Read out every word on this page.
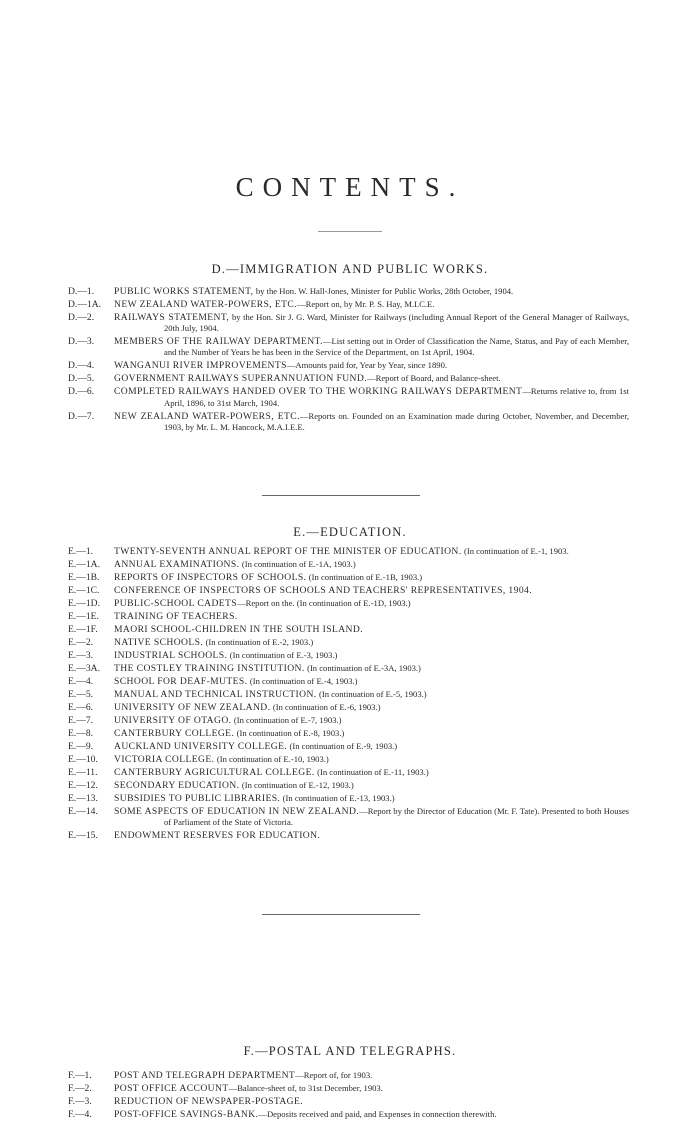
CONTENTS.
D.—IMMIGRATION AND PUBLIC WORKS.
D.—1.	PUBLIC WORKS STATEMENT, by the Hon. W. Hall-Jones, Minister for Public Works, 28th October, 1904.
D.—1A.	NEW ZEALAND WATER-POWERS, ETC.—Report on, by Mr. P. S. Hay, M.I.C.E.
D.—2.	RAILWAYS STATEMENT, by the Hon. Sir J. G. Ward, Minister for Railways (including Annual Report of the General Manager of Railways, 20th July, 1904.
D.—3.	MEMBERS OF THE RAILWAY DEPARTMENT.—List setting out in Order of Classification the Name, Status, and Pay of each Member, and the Number of Years he has been in the Service of the Department, on 1st April, 1904.
D.—4.	WANGANUI RIVER IMPROVEMENTS—Amounts paid for, Year by Year, since 1890.
D.—5.	GOVERNMENT RAILWAYS SUPERANNUATION FUND.—Report of Board, and Balance-sheet.
D.—6.	COMPLETED RAILWAYS HANDED OVER TO THE WORKING RAILWAYS DEPARTMENT—Returns relative to, from 1st April, 1896, to 31st March, 1904.
D.—7.	NEW ZEALAND WATER-POWERS, ETC.—Reports on. Founded on an Examination made during October, November, and December, 1903, by Mr. L. M. Hancock, M.A.I.E.E.
E.—EDUCATION.
E.—1.	TWENTY-SEVENTH ANNUAL REPORT OF THE MINISTER OF EDUCATION. (In continuation of E.-1, 1903.
E.—1A.	ANNUAL EXAMINATIONS. (In continuation of E.-1A, 1903.)
E.—1B.	REPORTS OF INSPECTORS OF SCHOOLS. (In continuation of E.-1B, 1903.)
E.—1C.	CONFERENCE OF INSPECTORS OF SCHOOLS AND TEACHERS' REPRESENTATIVES, 1904.
E.—1D.	PUBLIC-SCHOOL CADETS—Report on the. (In continuation of E.-1D, 1903.)
E.—1E.	TRAINING OF TEACHERS.
E.—1F.	MAORI SCHOOL-CHILDREN IN THE SOUTH ISLAND.
E.—2.	NATIVE SCHOOLS. (In continuation of E.-2, 1903.)
E.—3.	INDUSTRIAL SCHOOLS. (In continuation of E.-3, 1903.)
E.—3A.	THE COSTLEY TRAINING INSTITUTION. (In continuation of E.-3A, 1903.)
E.—4.	SCHOOL FOR DEAF-MUTES. (In continuation of E.-4, 1903.)
E.—5.	MANUAL AND TECHNICAL INSTRUCTION. (In continuation of E.-5, 1903.)
E.—6.	UNIVERSITY OF NEW ZEALAND. (In continuation of E.-6, 1903.)
E.—7.	UNIVERSITY OF OTAGO. (In continuation of E.-7, 1903.)
E.—8.	CANTERBURY COLLEGE. (In continuation of E.-8, 1903.)
E.—9.	AUCKLAND UNIVERSITY COLLEGE. (In continuation of E.-9, 1903.)
E.—10.	VICTORIA COLLEGE. (In continuation of E.-10, 1903.)
E.—11.	CANTERBURY AGRICULTURAL COLLEGE. (In continuation of E.-11, 1903.)
E.—12.	SECONDARY EDUCATION. (In continuation of E.-12, 1903.)
E.—13.	SUBSIDIES TO PUBLIC LIBRARIES. (In continuation of E.-13, 1903.)
E.—14.	SOME ASPECTS OF EDUCATION IN NEW ZEALAND.—Report by the Director of Education (Mr. F. Tate). Presented to both Houses of Parliament of the State of Victoria.
E.—15.	ENDOWMENT RESERVES FOR EDUCATION.
F.—POSTAL AND TELEGRAPHS.
F.—1.	POST AND TELEGRAPH DEPARTMENT—Report of, for 1903.
F.—2.	POST OFFICE ACCOUNT—Balance-sheet of, to 31st December, 1903.
F.—3.	REDUCTION OF NEWSPAPER-POSTAGE.
F.—4.	POST-OFFICE SAVINGS-BANK.—Deposits received and paid, and Expenses in connection therewith.
